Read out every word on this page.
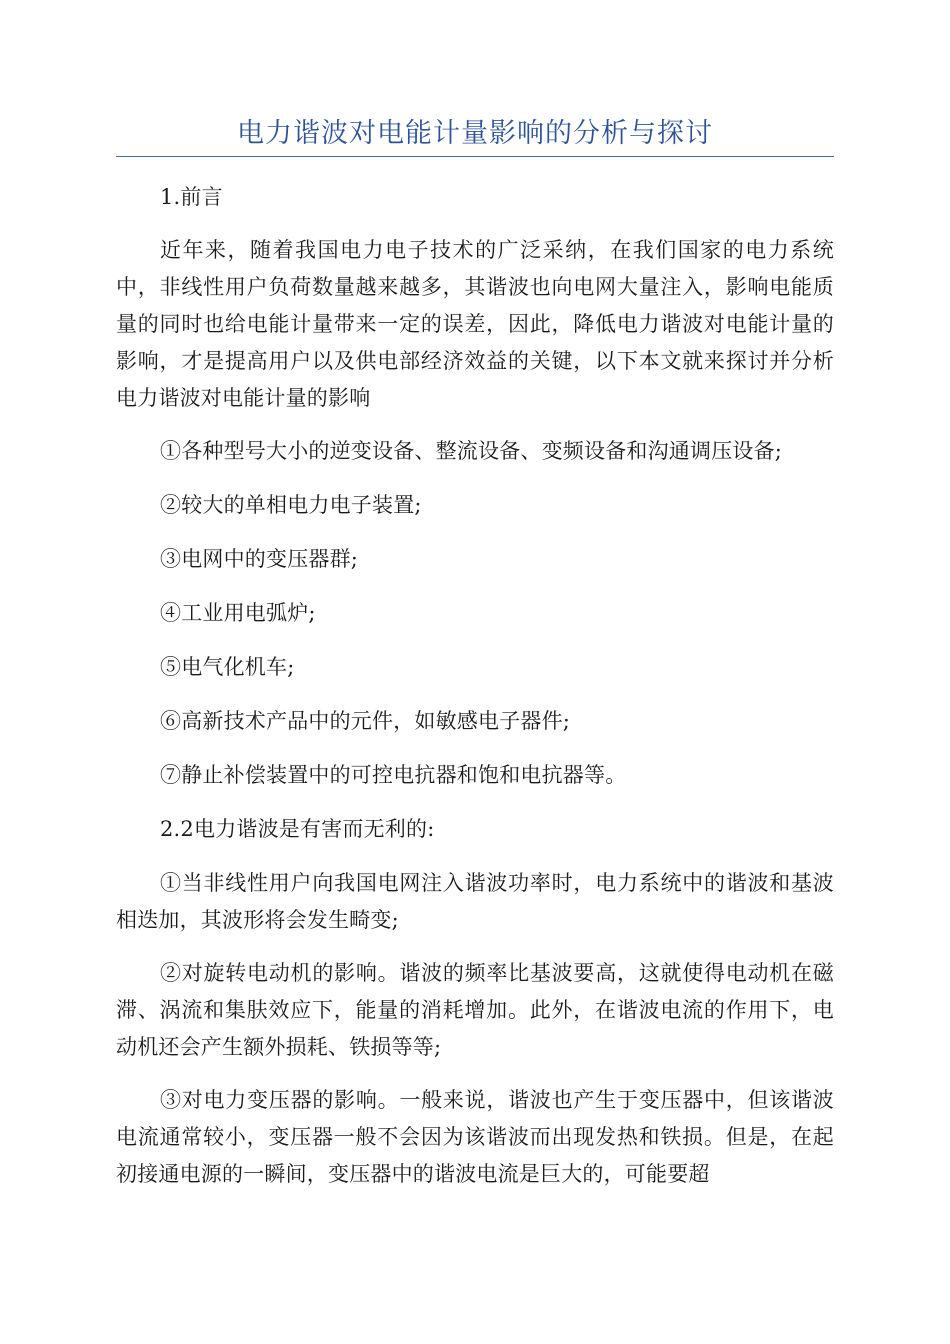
电力谐波对电能计量影响的分析与探讨

1.前言

近年来，随着我国电力电子技术的广泛采纳，在我们国家的电力系统中，非线性用户负荷数量越来越多，其谐波也向电网大量注入，影响电能质量的同时也给电能计量带来一定的误差，因此，降低电力谐波对电能计量的影响，才是提高用户以及供电部经济效益的关键，以下本文就来探讨并分析电力谐波对电能计量的影响

①各种型号大小的逆变设备、整流设备、变频设备和沟通调压设备;

②较大的单相电力电子装置;

③电网中的变压器群;

④工业用电弧炉;

⑤电气化机车;

⑥高新技术产品中的元件，如敏感电子器件;

⑦静止补偿装置中的可控电抗器和饱和电抗器等。

2.2电力谐波是有害而无利的:

①当非线性用户向我国电网注入谐波功率时，电力系统中的谐波和基波相迭加，其波形将会发生畸变;

②对旋转电动机的影响。谐波的频率比基波要高，这就使得电动机在磁滞、涡流和集肤效应下，能量的消耗增加。此外，在谐波电流的作用下，电动机还会产生额外损耗、铁损等等;

③对电力变压器的影响。一般来说，谐波也产生于变压器中，但该谐波电流通常较小，变压器一般不会因为该谐波而出现发热和铁损。但是，在起初接通电源的一瞬间，变压器中的谐波电流是巨大的，可能要超
